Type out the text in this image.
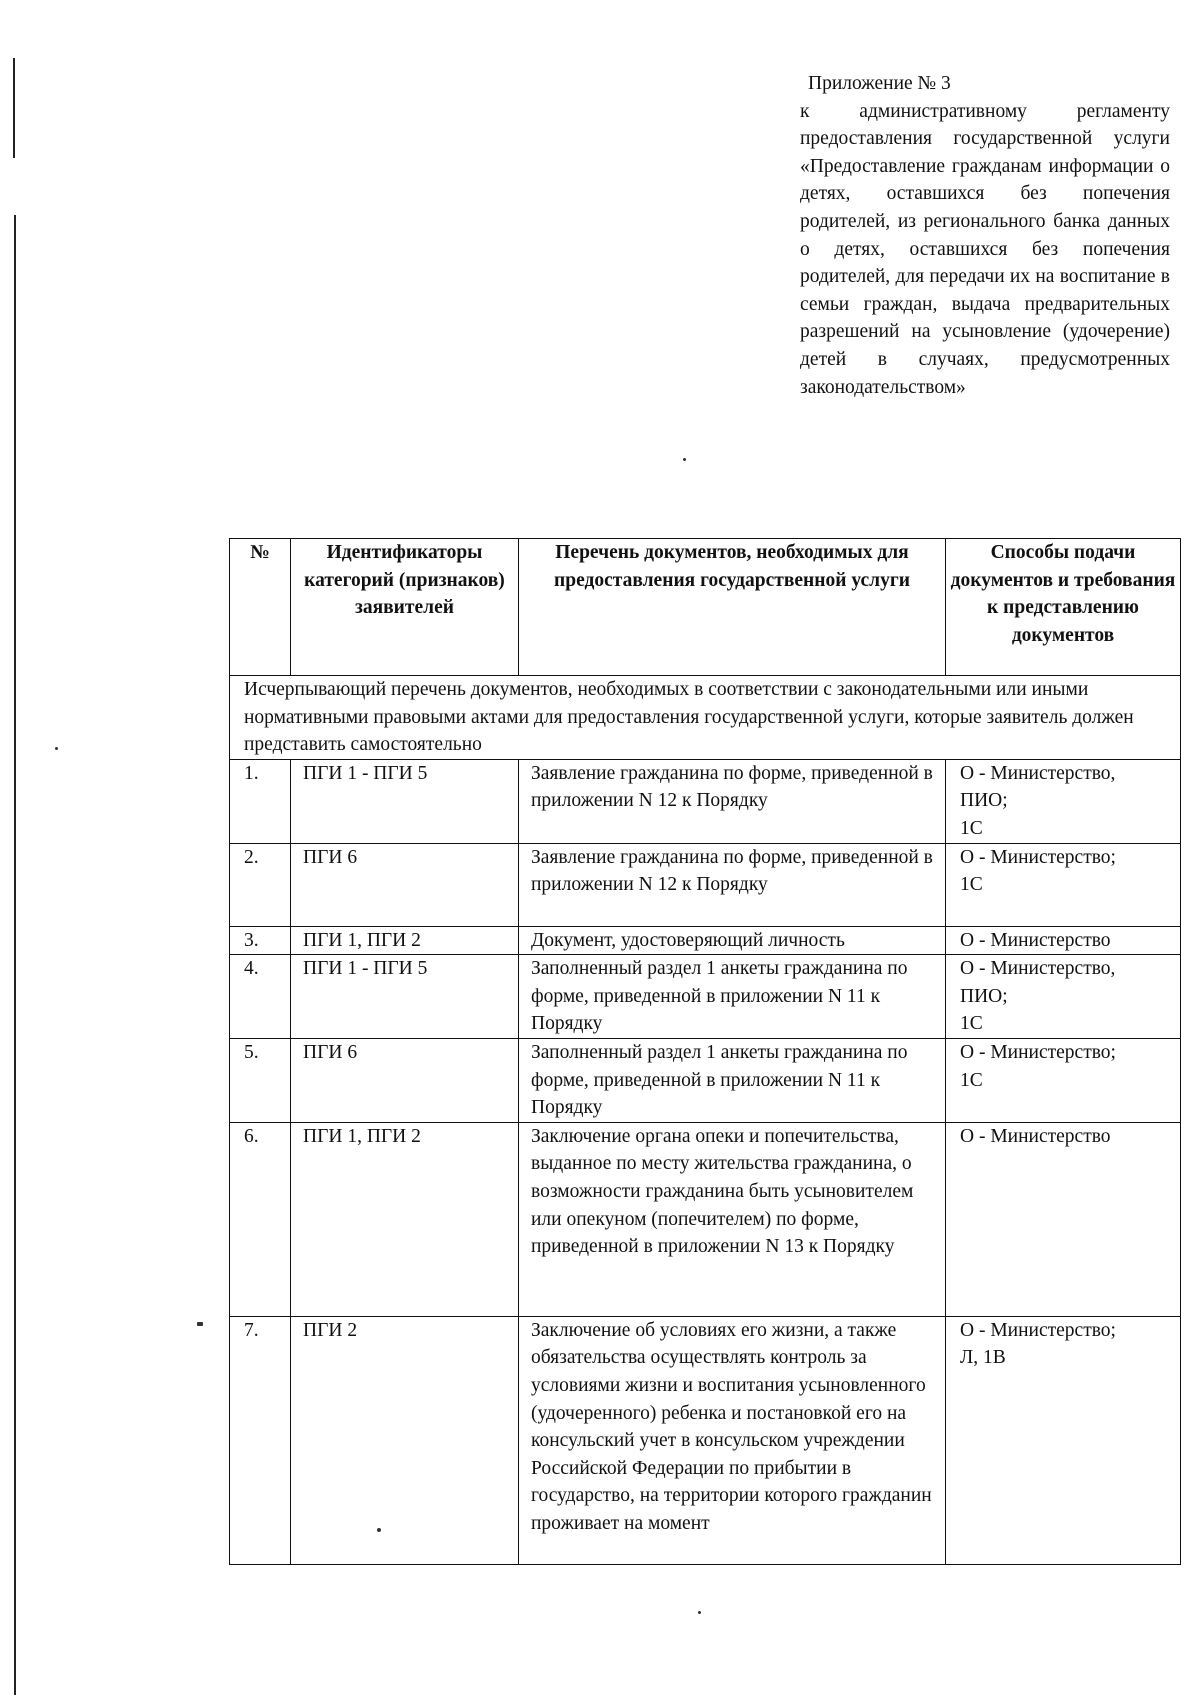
Приложение № 3
к административному регламенту предоставления государственной услуги «Предоставление гражданам информации о детях, оставшихся без попечения родителей, из регионального банка данных о детях, оставшихся без попечения родителей, для передачи их на воспитание в семьи граждан, выдача предварительных разрешений на усыновление (удочерение) детей в случаях, предусмотренных законодательством»
№	Идентификаторы категорий (признаков) заявителей	Перечень документов, необходимых для предоставления государственной услуги	Способы подачи документов и требования к представлению документов
Исчерпывающий перечень документов, необходимых в соответствии с законодательными или иными нормативными правовыми актами для предоставления государственной услуги, которые заявитель должен представить самостоятельно			
1.	ПГИ 1 - ПГИ 5	Заявление гражданина по форме, приведенной в приложении N 12 к Порядку	О - Министерство,
ПИО;
1С

2.	ПГИ 6	Заявление гражданина по форме, приведенной в приложении N 12 к Порядку	О - Министерство;
1С

3.	ПГИ 1, ПГИ 2	Документ, удостоверяющий личность	О - Министерство

4.	ПГИ 1 - ПГИ 5	Заполненный раздел 1 анкеты гражданина по форме, приведенной в приложении N 11 к Порядку	О - Министерство,
ПИО;
1С

5.	ПГИ 6	Заполненный раздел 1 анкеты гражданина по форме, приведенной в приложении N 11 к Порядку	О - Министерство;
1С

6.	ПГИ 1, ПГИ 2	Заключение органа опеки и попечительства, выданное по месту жительства гражданина, о возможности гражданина быть усыновителем или опекуном (попечителем) по форме, приведенной в приложении N 13 к Порядку	О - Министерство

7.	ПГИ 2	Заключение об условиях его жизни, а также обязательства осуществлять контроль за условиями жизни и воспитания усыновленного (удочеренного) ребенка и постановкой его на консульский учет в консульском учреждении Российской Федерации по прибытии в государство, на территории которого гражданин проживает на момент	О - Министерство;
Л, 1В
